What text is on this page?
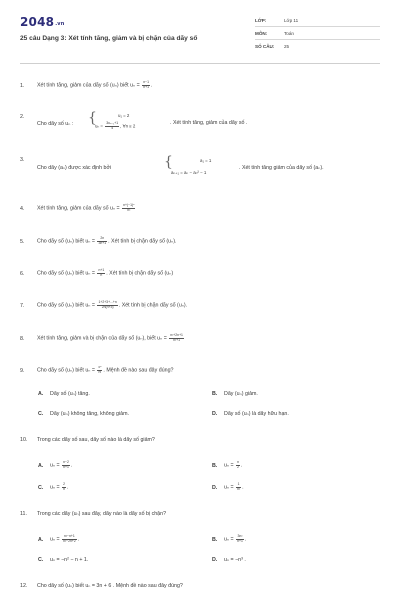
2048.vn
25 câu Dạng 3: Xét tính tăng, giảm và bị chặn của dãy số
LỚP:	Lớp 11
MÔN:	Toán
SỐ CÂU: 25
1. Xét tính tăng, giảm của dãy số (uₙ) biết $u_n = \frac{n-1}{n+1}$ .
2.
Cho dãy số uₙ : {	u₁ = 2
$u_n = \frac{\text{3uₙ₋₁+1}}{4}$ , ∀n ≥ 2	. Xét tính tăng, giảm của dãy số .
3.
Cho dãy (aₙ) được xác định bởi	{	a₁ = 1
aₙ₊₁ = aₙ − aₙ² − 1
. Xét tính tăng giảm của dãy số (aₙ).
4. Xét tính tăng, giảm của dãy số $u_n = \frac{\text{n+(−1)ⁿ}}{\text{n²}}$
5. Cho dãy số (uₙ) biết $u_n = \frac{2n}{3n+1}$ . Xét tính bị chặn dãy số (uₙ).
6. Cho dãy số (uₙ) biết $u_n = \frac{n+1}{n}$ . Xét tính bị chặn dãy số (uₙ)
7. Cho dãy số (uₙ) biết $u_n = \frac{1+2+3+...+n}{2n(n+3)}$ . Xét tính bị chặn dãy số (uₙ).
8. Xét tính tăng, giảm và bị chặn của dãy số (uₙ), biết $u_n = \frac{\text{n²+2n+1}}{\text{n²+1}}$
9. Cho dãy số (uₙ) biết $u_n = \frac{\text{cⁿ}}{n!}$ . Mệnh đề nào sau đây đúng?
A. Dãy số (uₙ) tăng.	B. Dãy (uₙ) giảm.
C. Dãy (uₙ) không tăng, không giảm.	D. Dãy số (uₙ) là dãy hữu hạn.
10. Trong các dãy số sau, dãy số nào là dãy số giảm?
A. $u_n = \frac{n-2}{n+1}$ .	B. $u_n = \frac{n}{2}$ .
C. $u_n = \frac{2}{n}$ .	D. $u_n = \frac{1}{\text{n²}}$ .
11. Trong các dãy (uₙ) sau đây, dãy nào là dãy số bị chặn?
A. $u_n = \frac{\text{n²−n+1}}{\text{n²−2n+2}}$ .	B. $u_n = \frac{\text{3n²}}{n+1}$ .
C. uₙ = −n² − n + 1.	D. uₙ = −n³ .
12. Cho dãy số (uₙ) biết uₙ = 3n + 6 . Mệnh đề nào sau đây đúng?
